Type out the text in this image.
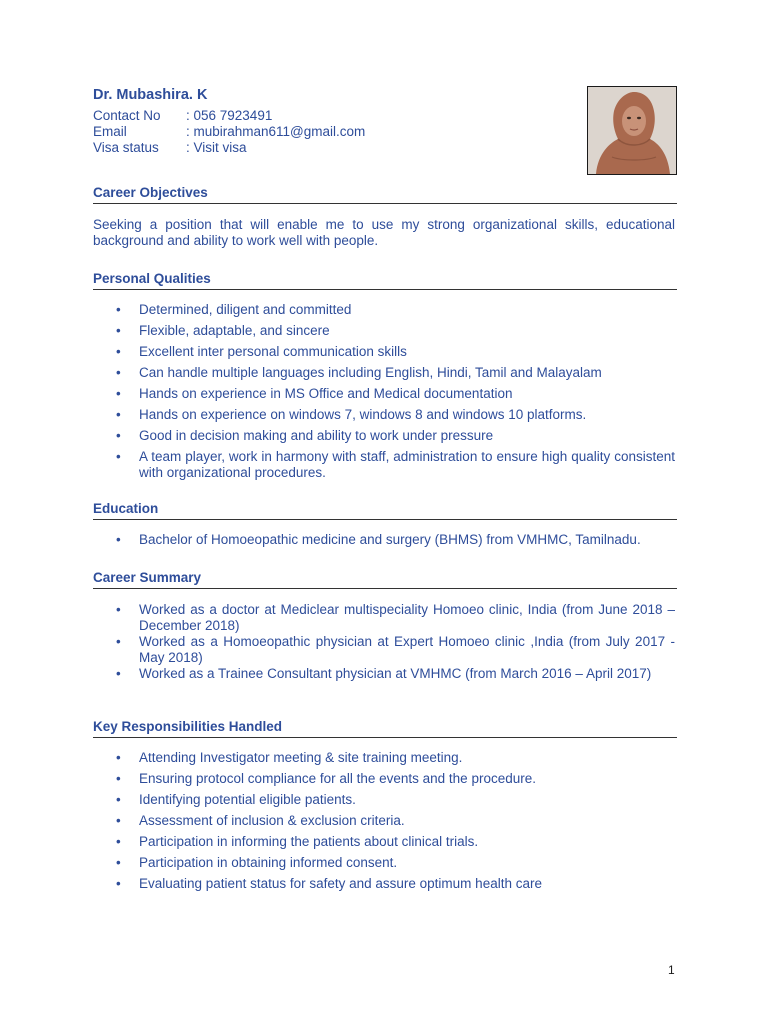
Dr. Mubashira. K
Contact No	: 056 7923491
Email	: mubirahman611@gmail.com
Visa status	: Visit visa
Career Objectives

Seeking a position that will enable me to use my strong organizational skills, educational background and ability to work well with people.

Personal Qualities
• Determined, diligent and committed
• Flexible, adaptable, and sincere
• Excellent inter personal communication skills
• Can handle multiple languages including English, Hindi, Tamil and Malayalam
• Hands on experience in MS Office and Medical documentation
• Hands on experience on windows 7, windows 8 and windows 10 platforms.
• Good in decision making and ability to work under pressure
• A team player, work in harmony with staff, administration to ensure high quality consistent with organizational procedures.
Education
• Bachelor of Homoeopathic medicine and surgery (BHMS) from VMHMC, Tamilnadu.
Career Summary
• Worked as a doctor at Mediclear multispeciality Homoeo clinic, India (from June 2018 – December 2018)
• Worked as a Homoeopathic physician at Expert Homoeo clinic ,India (from July 2017 - May 2018)
• Worked as a Trainee Consultant physician at VMHMC (from March 2016 – April 2017)
Key Responsibilities Handled
• Attending Investigator meeting & site training meeting.
• Ensuring protocol compliance for all the events and the procedure.
• Identifying potential eligible patients.
• Assessment of inclusion & exclusion criteria.
• Participation in informing the patients about clinical trials.
• Participation in obtaining informed consent.
• Evaluating patient status for safety and assure optimum health care
1
